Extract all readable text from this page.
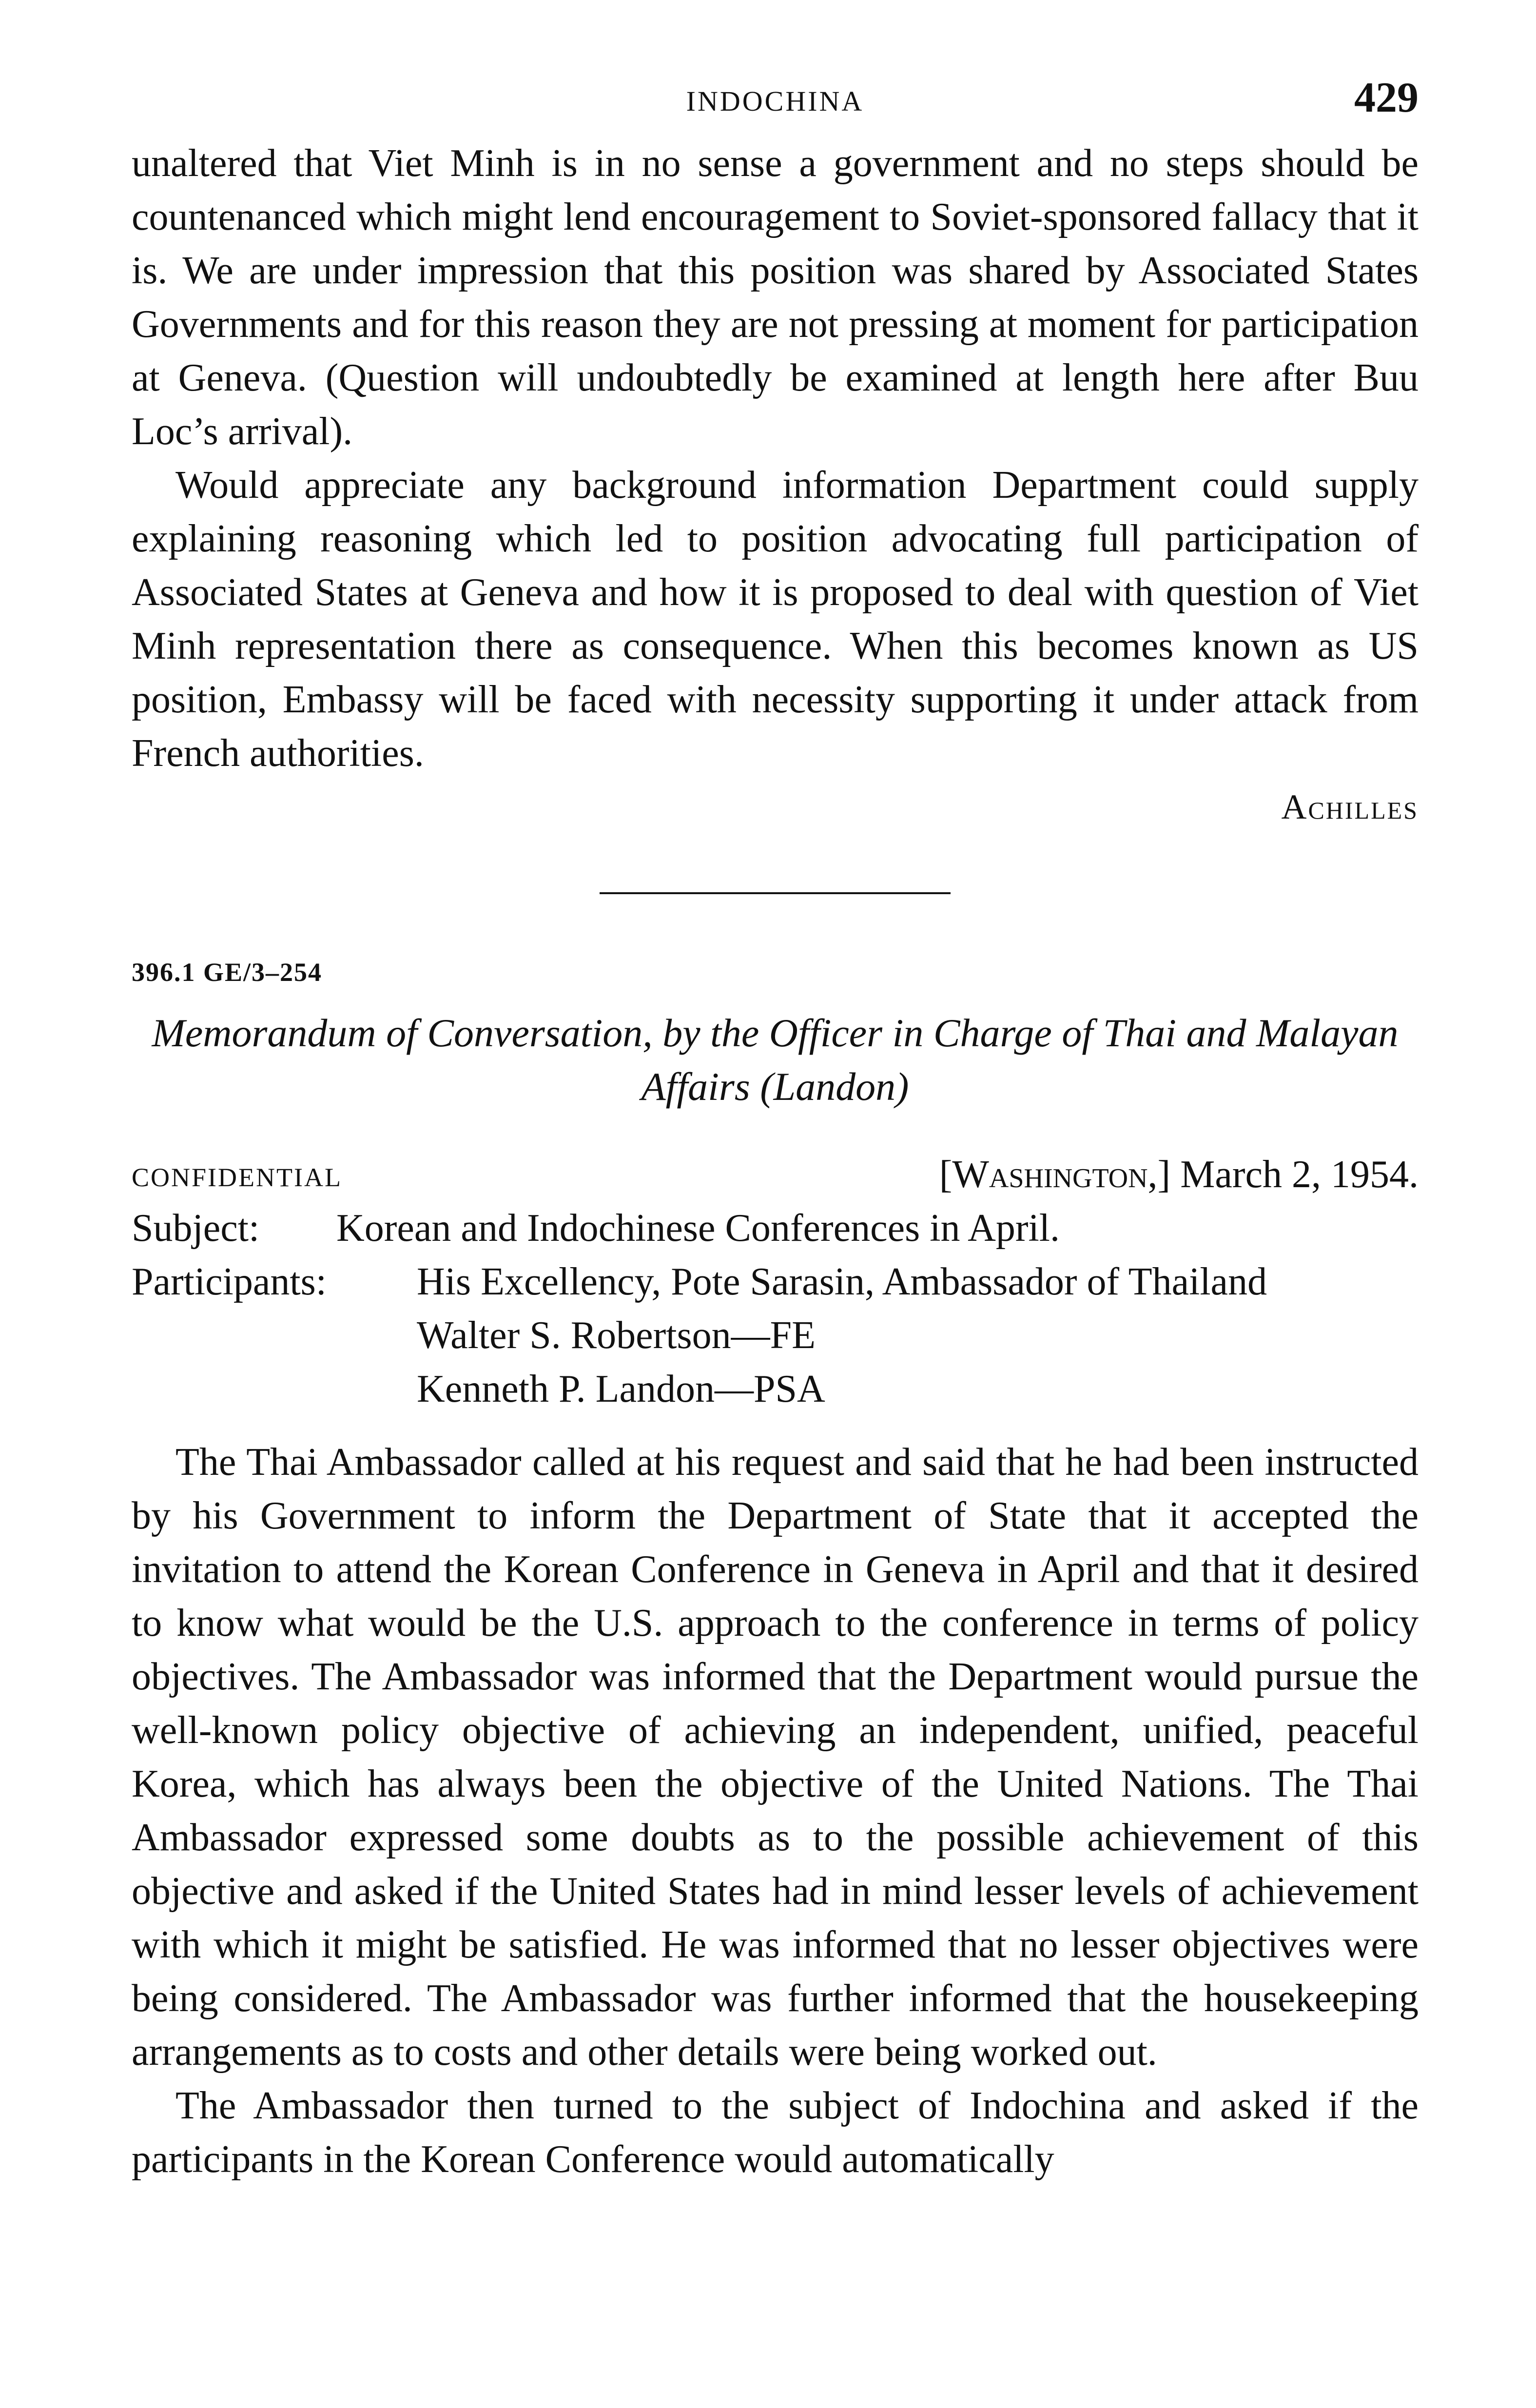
INDOCHINA	429

unaltered that Viet Minh is in no sense a government and no steps should be countenanced which might lend encouragement to Soviet-sponsored fallacy that it is. We are under impression that this position was shared by Associated States Governments and for this reason they are not pressing at moment for participation at Geneva. (Question will undoubtedly be examined at length here after Buu Loc’s arrival).

Would appreciate any background information Department could supply explaining reasoning which led to position advocating full participation of Associated States at Geneva and how it is proposed to deal with question of Viet Minh representation there as consequence. When this becomes known as US position, Embassy will be faced with necessity supporting it under attack from French authorities.

Achilles
396.1 GE/3–254
Memorandum of Conversation, by the Officer in Charge of Thai and Malayan Affairs (Landon)
CONFIDENTIAL	[Washington,] March 2, 1954.
Subject:	Korean and Indochinese Conferences in April.
Participants:	His Excellency, Pote Sarasin, Ambassador of Thailand
Walter S. Robertson—FE
Kenneth P. Landon—PSA

The Thai Ambassador called at his request and said that he had been instructed by his Government to inform the Department of State that it accepted the invitation to attend the Korean Conference in Geneva in April and that it desired to know what would be the U.S. approach to the conference in terms of policy objectives. The Ambassador was informed that the Department would pursue the well-known policy objective of achieving an independent, unified, peaceful Korea, which has always been the objective of the United Nations. The Thai Ambassador expressed some doubts as to the possible achievement of this objective and asked if the United States had in mind lesser levels of achievement with which it might be satisfied. He was informed that no lesser objectives were being considered. The Ambassador was further informed that the housekeeping arrangements as to costs and other details were being worked out.

The Ambassador then turned to the subject of Indochina and asked if the participants in the Korean Conference would automatically
